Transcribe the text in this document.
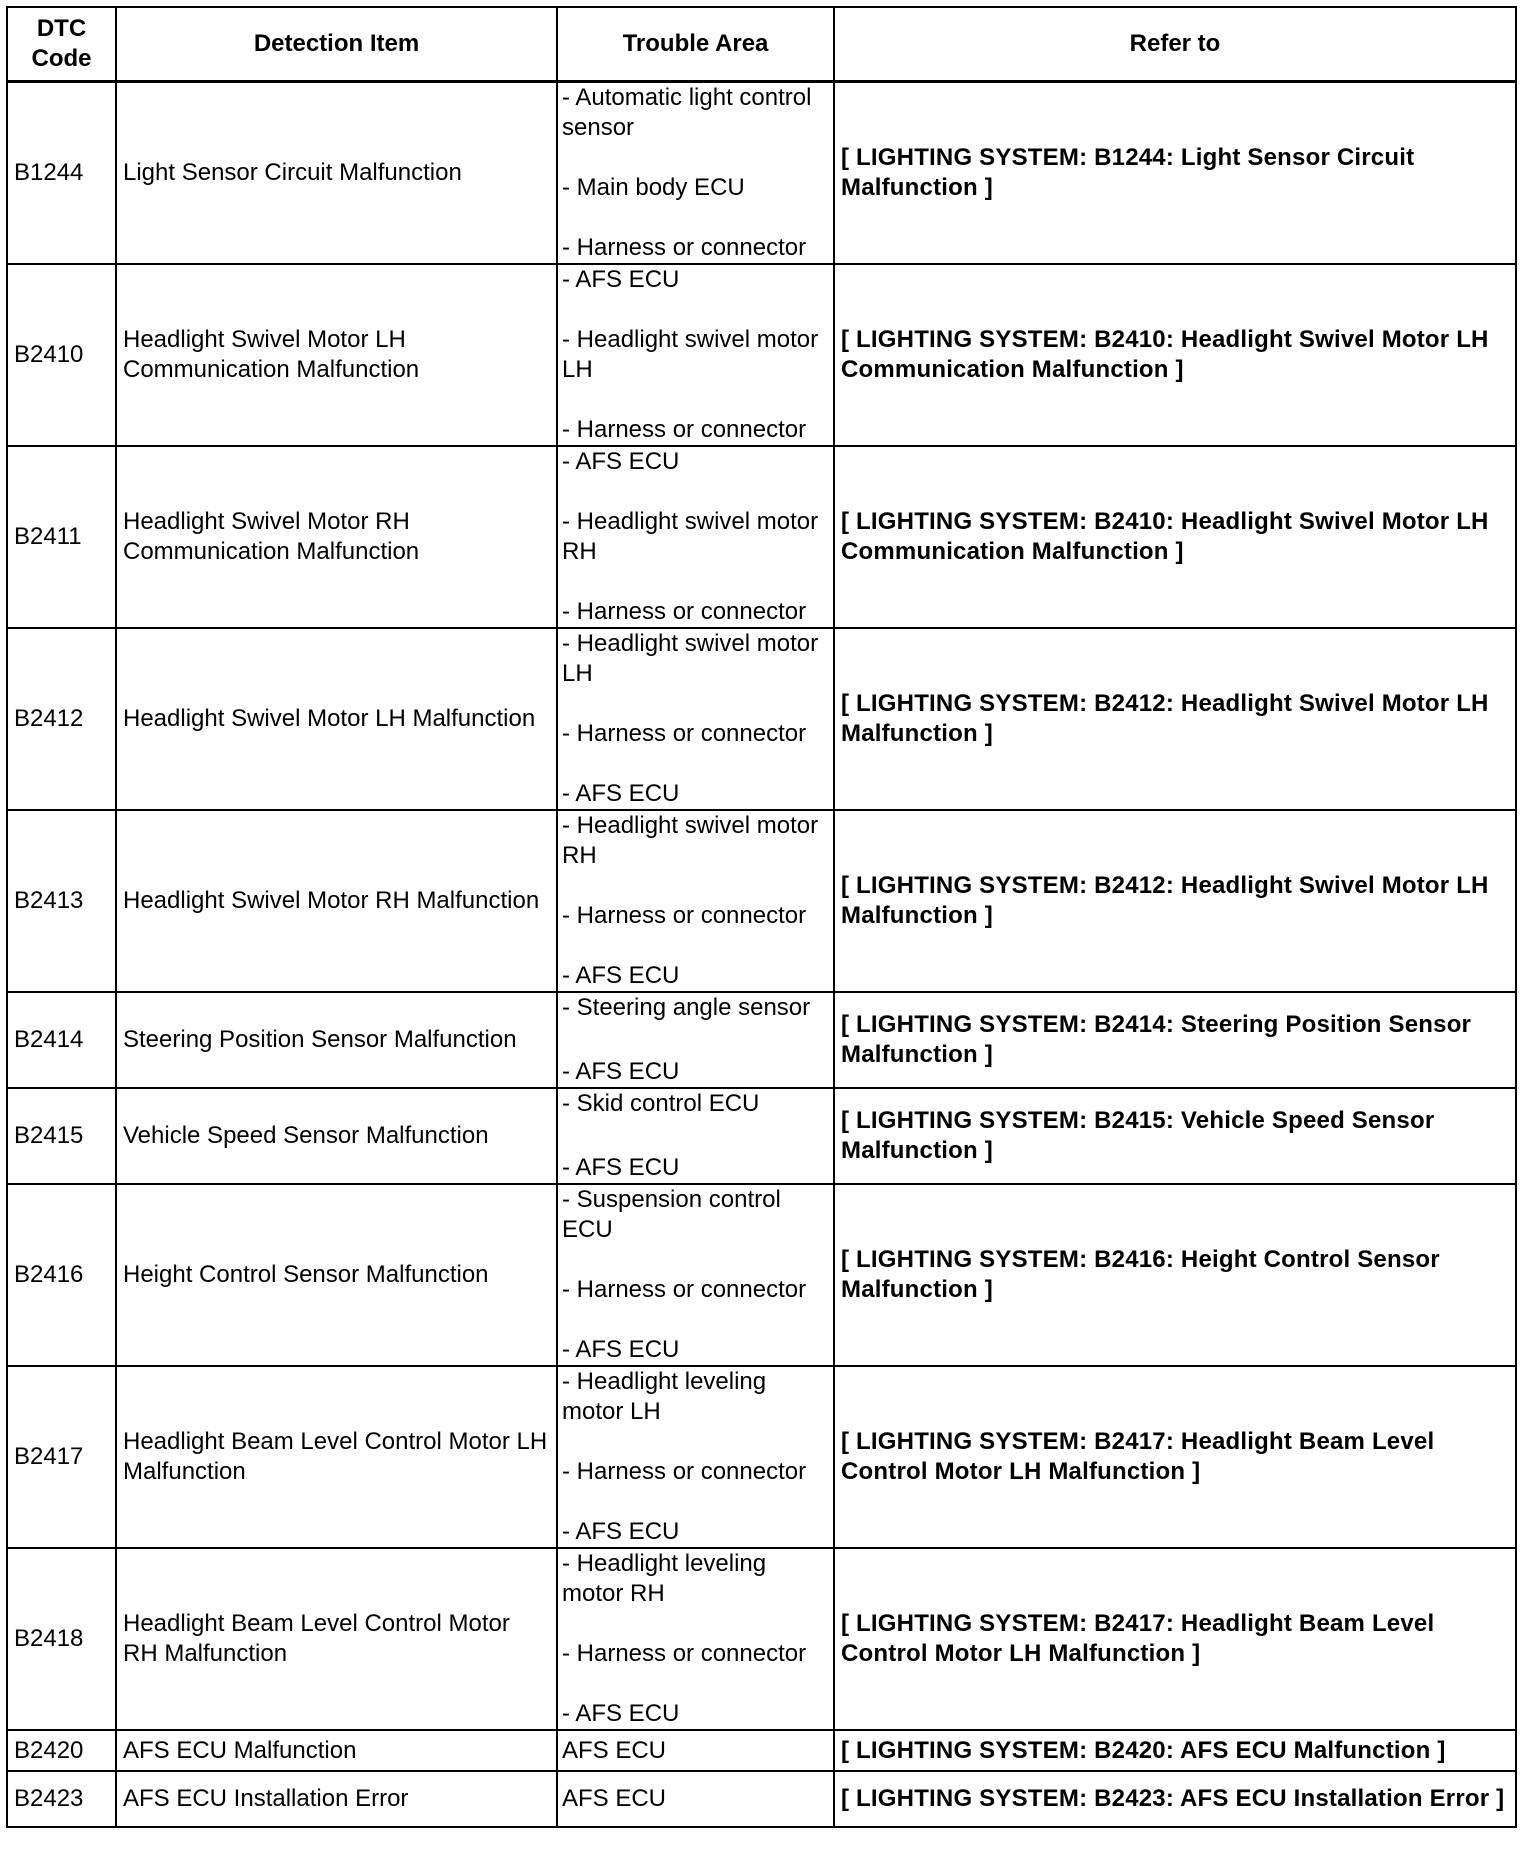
DTC Code	Detection Item	Trouble Area	Refer to
B1244	Light Sensor Circuit Malfunction	- Automatic light control sensor
- Main body ECU
- Harness or connector	[ LIGHTING SYSTEM: B1244: Light Sensor Circuit Malfunction ]
B2410	Headlight Swivel Motor LH Communication Malfunction	- AFS ECU
- Headlight swivel motor LH
- Harness or connector	[ LIGHTING SYSTEM: B2410: Headlight Swivel Motor LH Communication Malfunction ]
B2411	Headlight Swivel Motor RH Communication Malfunction	- AFS ECU
- Headlight swivel motor RH
- Harness or connector	[ LIGHTING SYSTEM: B2410: Headlight Swivel Motor LH Communication Malfunction ]
B2412	Headlight Swivel Motor LH Malfunction	- Headlight swivel motor LH
- Harness or connector
- AFS ECU	[ LIGHTING SYSTEM: B2412: Headlight Swivel Motor LH Malfunction ]
B2413	Headlight Swivel Motor RH Malfunction	- Headlight swivel motor RH
- Harness or connector
- AFS ECU	[ LIGHTING SYSTEM: B2412: Headlight Swivel Motor LH Malfunction ]
B2414	Steering Position Sensor Malfunction	- Steering angle sensor
- AFS ECU	[ LIGHTING SYSTEM: B2414: Steering Position Sensor Malfunction ]
B2415	Vehicle Speed Sensor Malfunction	- Skid control ECU
- AFS ECU	[ LIGHTING SYSTEM: B2415: Vehicle Speed Sensor Malfunction ]
B2416	Height Control Sensor Malfunction	- Suspension control ECU
- Harness or connector
- AFS ECU	[ LIGHTING SYSTEM: B2416: Height Control Sensor Malfunction ]
B2417	Headlight Beam Level Control Motor LH Malfunction	- Headlight leveling motor LH
- Harness or connector
- AFS ECU	[ LIGHTING SYSTEM: B2417: Headlight Beam Level Control Motor LH Malfunction ]
B2418	Headlight Beam Level Control Motor RH Malfunction	- Headlight leveling motor RH
- Harness or connector
- AFS ECU	[ LIGHTING SYSTEM: B2417: Headlight Beam Level Control Motor LH Malfunction ]
B2420	AFS ECU Malfunction	AFS ECU	[ LIGHTING SYSTEM: B2420: AFS ECU Malfunction ]
B2423	AFS ECU Installation Error	AFS ECU	[ LIGHTING SYSTEM: B2423: AFS ECU Installation Error ]
